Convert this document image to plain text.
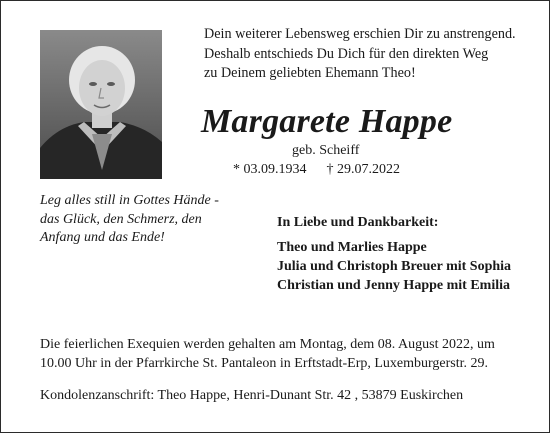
Dein weiterer Lebensweg erschien Dir zu anstrengend.
Deshalb entschieds Du Dich für den direkten Weg
zu Deinem geliebten Ehemann Theo!
Margarete Happe
geb. Scheiff
* 03.09.1934 † 29.07.2022
Leg alles still in Gottes Hände -
das Glück, den Schmerz, den
Anfang und das Ende!
In Liebe und Dankbarkeit:
Theo und Marlies Happe
Julia und Christoph Breuer mit Sophia
Christian und Jenny Happe mit Emilia
Die feierlichen Exequien werden gehalten am Montag, dem 08. August 2022, um
10.00 Uhr in der Pfarrkirche St. Pantaleon in Erftstadt-Erp, Luxemburgerstr. 29.
Kondolenzanschrift: Theo Happe, Henri-Dunant Str. 42 , 53879 Euskirchen
